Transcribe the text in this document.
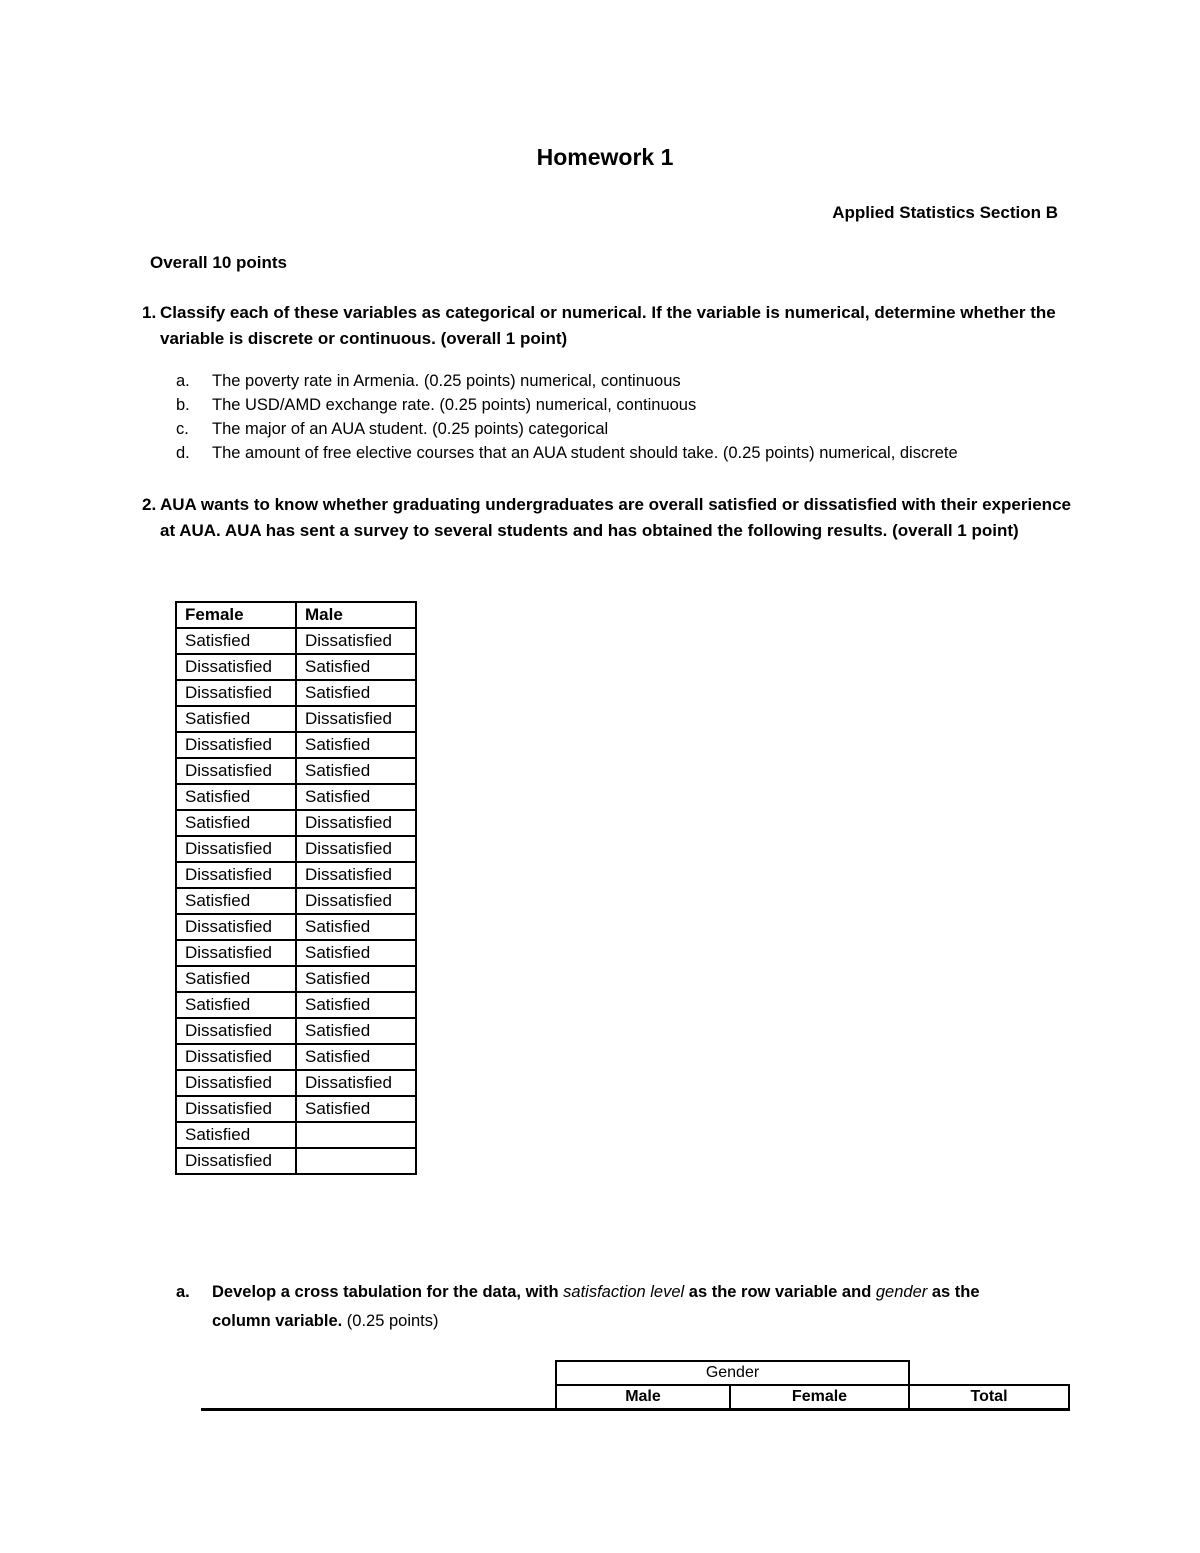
Homework 1
Applied Statistics Section B
Overall 10 points
1. Classify each of these variables as categorical or numerical. If the variable is numerical, determine whether the variable is discrete or continuous. (overall 1 point)
a. The poverty rate in Armenia. (0.25 points) numerical, continuous
b. The USD/AMD exchange rate. (0.25 points) numerical, continuous
c. The major of an AUA student. (0.25 points) categorical
d. The amount of free elective courses that an AUA student should take. (0.25 points) numerical, discrete
2. AUA wants to know whether graduating undergraduates are overall satisfied or dissatisfied with their experience at AUA. AUA has sent a survey to several students and has obtained the following results. (overall 1 point)
Female	Male
Satisfied	Dissatisfied
Dissatisfied	Satisfied
Dissatisfied	Satisfied
Satisfied	Dissatisfied
Dissatisfied	Satisfied
Dissatisfied	Satisfied
Satisfied	Satisfied
Satisfied	Dissatisfied
Dissatisfied	Dissatisfied
Dissatisfied	Dissatisfied
Satisfied	Dissatisfied
Dissatisfied	Satisfied
Dissatisfied	Satisfied
Satisfied	Satisfied
Satisfied	Satisfied
Dissatisfied	Satisfied
Dissatisfied	Satisfied
Dissatisfied	Dissatisfied
Dissatisfied	Satisfied
Satisfied	
Dissatisfied	
a.	Develop a cross tabulation for the data, with satisfaction level as the row variable and gender as the column variable. (0.25 points)
Gender
Male	Female	Total
